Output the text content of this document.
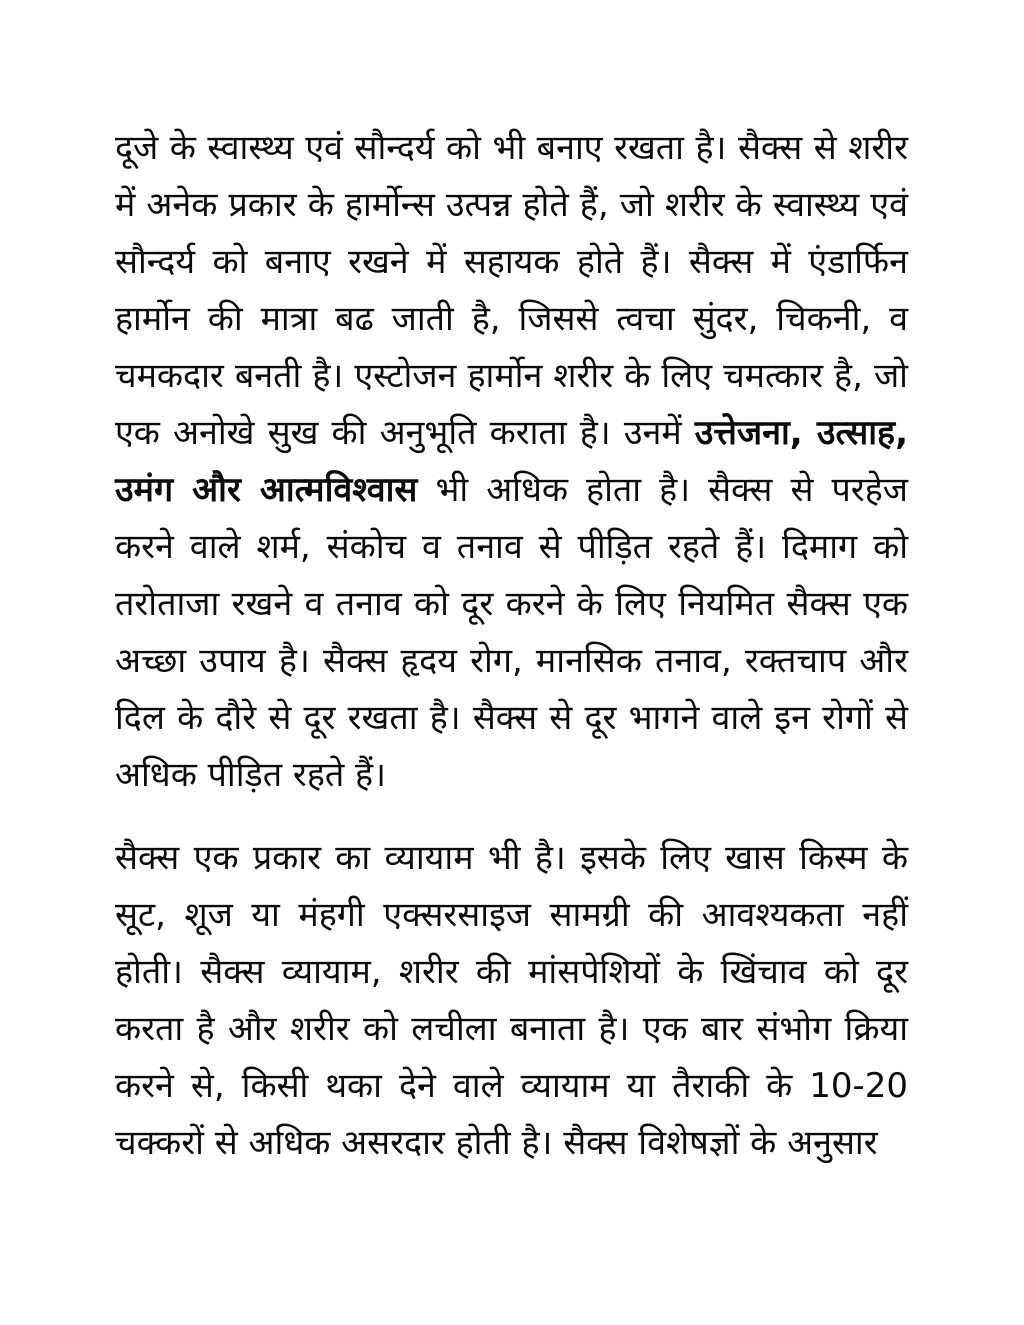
दूजे के स्वास्थ्य एवं सौन्दर्य को भी बनाए रखता है। सैक्स से शरीर में अनेक प्रकार के हार्मोन्स उत्पन्न होते हैं, जो शरीर के स्वास्थ्य एवं सौन्दर्य को बनाए रखने में सहायक होते हैं। सैक्स में एंडार्फिन हार्मोन की मात्रा बढ जाती है, जिससे त्वचा सुंदर, चिकनी, व चमकदार बनती है। एस्टोजन हार्मोन शरीर के लिए चमत्कार है, जो एक अनोखे सुख की अनुभूति कराता है। उनमें उत्तेजना, उत्साह, उमंग और आत्मविश्वास भी अधिक होता है। सैक्स से परहेज करने वाले शर्म, संकोच व तनाव से पीड़ित रहते हैं। दिमाग को तरोताजा रखने व तनाव को दूर करने के लिए नियमित सैक्स एक अच्छा उपाय है। सैक्स हृदय रोग, मानसिक तनाव, रक्तचाप और दिल के दौरे से दूर रखता है। सैक्स से दूर भागने वाले इन रोगों से अधिक पीड़ित रहते हैं।

सैक्स एक प्रकार का व्यायाम भी है। इसके लिए खास किस्म के सूट, शूज या मंहगी एक्सरसाइज सामग्री की आवश्यकता नहीं होती। सैक्स व्यायाम, शरीर की मांसपेशियों के खिंचाव को दूर करता है और शरीर को लचीला बनाता है। एक बार संभोग क्रिया करने से, किसी थका देने वाले व्यायाम या तैराकी के 10-20 चक्करों से अधिक असरदार होती है। सैक्स विशेषज्ञों के अनुसार
